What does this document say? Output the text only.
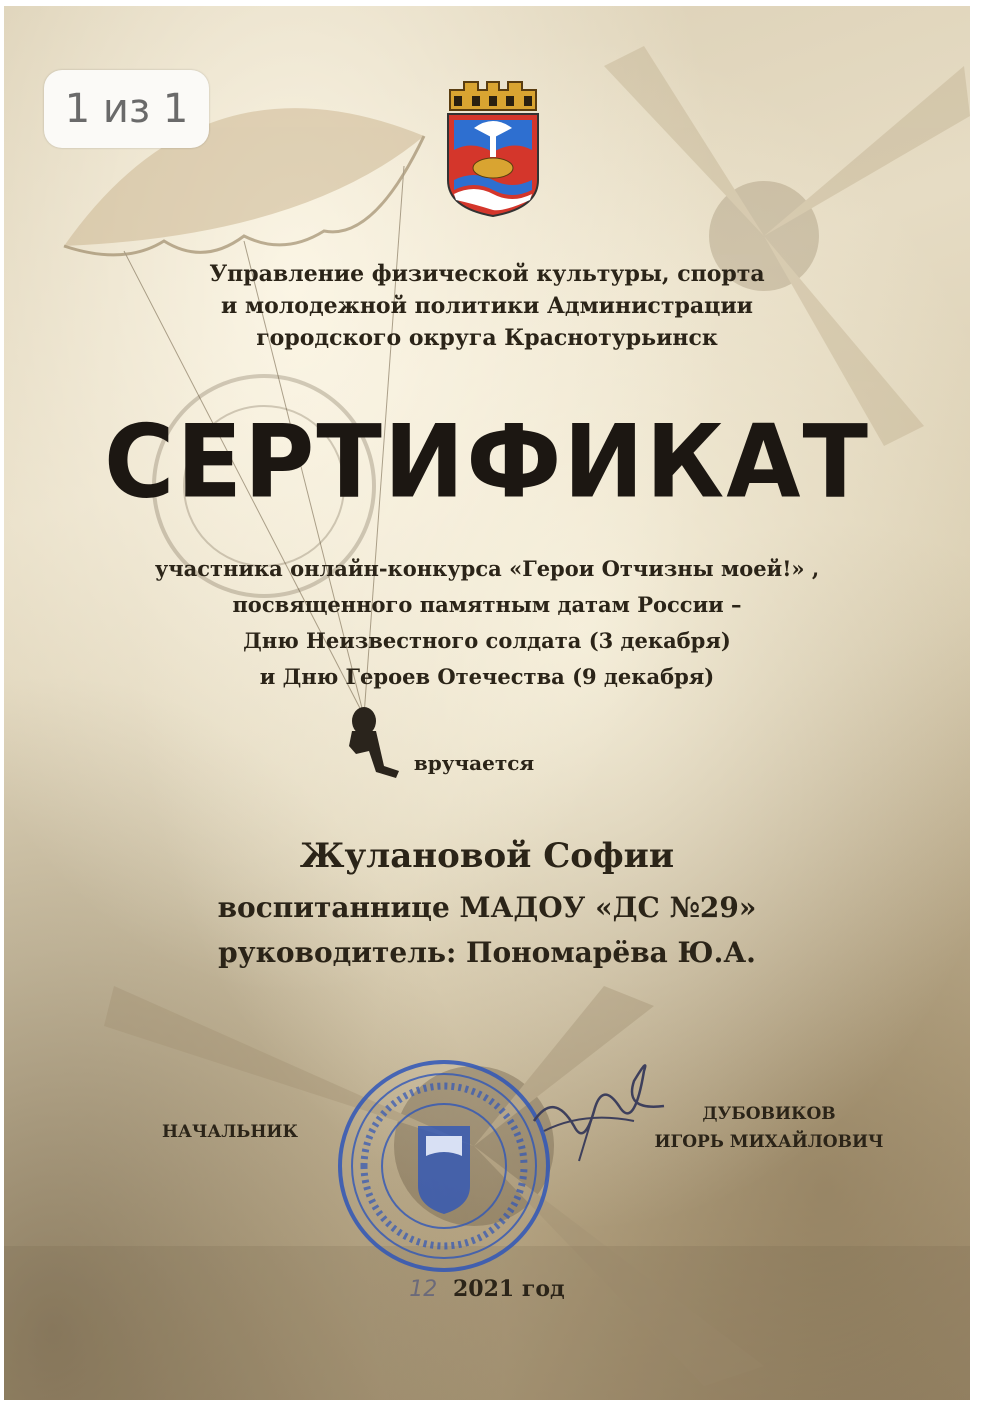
1 из 1
Управление физической культуры, спорта
и молодежной политики Администрации
городского округа Краснотурьинск
СЕРТИФИКАТ
участника онлайн-конкурса «Герои Отчизны моей!» ,
посвященного памятным датам России –
Дню Неизвестного солдата (3 декабря)
и Дню Героев Отечества (9 декабря)
вручается
Жулановой Софии
воспитаннице МАДОУ «ДС №29»
руководитель: Пономарёва Ю.А.
НАЧАЛЬНИК
ДУБОВИКОВ
ИГОРЬ МИХАЙЛОВИЧ
12 2021 год
